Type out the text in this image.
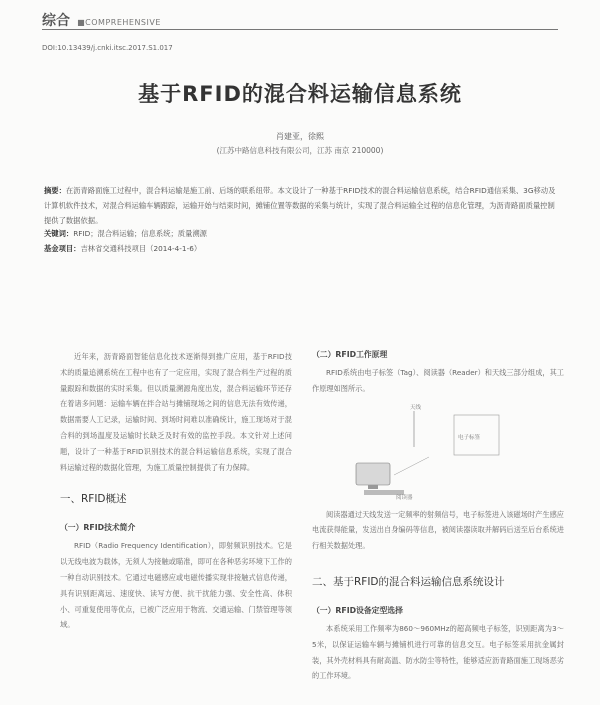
综合 ■COMPREHENSIVE
DOI:10.13439/j.cnki.itsc.2017.S1.017
基于RFID的混合料运输信息系统
肖建亚，徐熙
(江苏中路信息科技有限公司，江苏 南京 210000)
摘要：在沥青路面施工过程中，混合料运输是施工前、后场的联系纽带。本文设计了一种基于RFID技术的混合料运输信息系统，结合RFID通信采集、3G移动及计算机软件技术，对混合料运输车辆跟踪，运输开始与结束时间，摊铺位置等数据的采集与统计，实现了混合料运输全过程的信息化管理，为沥青路面质量控制提供了数据依据。
关键词：RFID；混合料运输；信息系统；质量溯源
基金项目：吉林省交通科技项目（2014-4-1-6）

近年来，沥青路面智能信息化技术逐渐得到推广应用，基于RFID技术的质量追溯系统在工程中也有了一定应用，实现了混合料生产过程的质量跟踪和数据的实时采集。但以质量溯源角度出发，混合料运输环节还存在着诸多问题：运输车辆在拌合站与摊铺现场之间的信息无法有效传递，数据需要人工记录，运输时间、到场时间难以准确统计，施工现场对于混合料的到场温度及运输时长缺乏及时有效的监控手段。本文针对上述问题，设计了一种基于RFID识别技术的混合料运输信息系统，实现了混合料运输过程的数据化管理，为施工质量控制提供了有力保障。

一、RFID概述

（一）RFID技术简介

RFID（Radio Frequency Identification），即射频识别技术。它是以无线电波为载体，无须人为接触或瞄准，即可在各种恶劣环境下工作的一种自动识别技术。它通过电磁感应或电磁传播实现非接触式信息传递，具有识别距离远、速度快、读写方便、抗干扰能力强、安全性高、体积小、可重复使用等优点，已被广泛应用于物流、交通运输、门禁管理等领域。

（二）RFID工作原理

RFID系统由电子标签（Tag）、阅读器（Reader）和天线三部分组成，其工作原理如图所示。

天线
电子标签
阅读器

阅读器通过天线发送一定频率的射频信号，电子标签进入该磁场时产生感应电流获得能量，发送出自身编码等信息，被阅读器读取并解码后送至后台系统进行相关数据处理。

二、基于RFID的混合料运输信息系统设计

（一）RFID设备定型选择

本系统采用工作频率为860～960MHz的超高频电子标签，识别距离为3～5米，以保证运输车辆与摊铺机进行可靠的信息交互。电子标签采用抗金属封装，其外壳材料具有耐高温、防水防尘等特性，能够适应沥青路面施工现场恶劣的工作环境。
